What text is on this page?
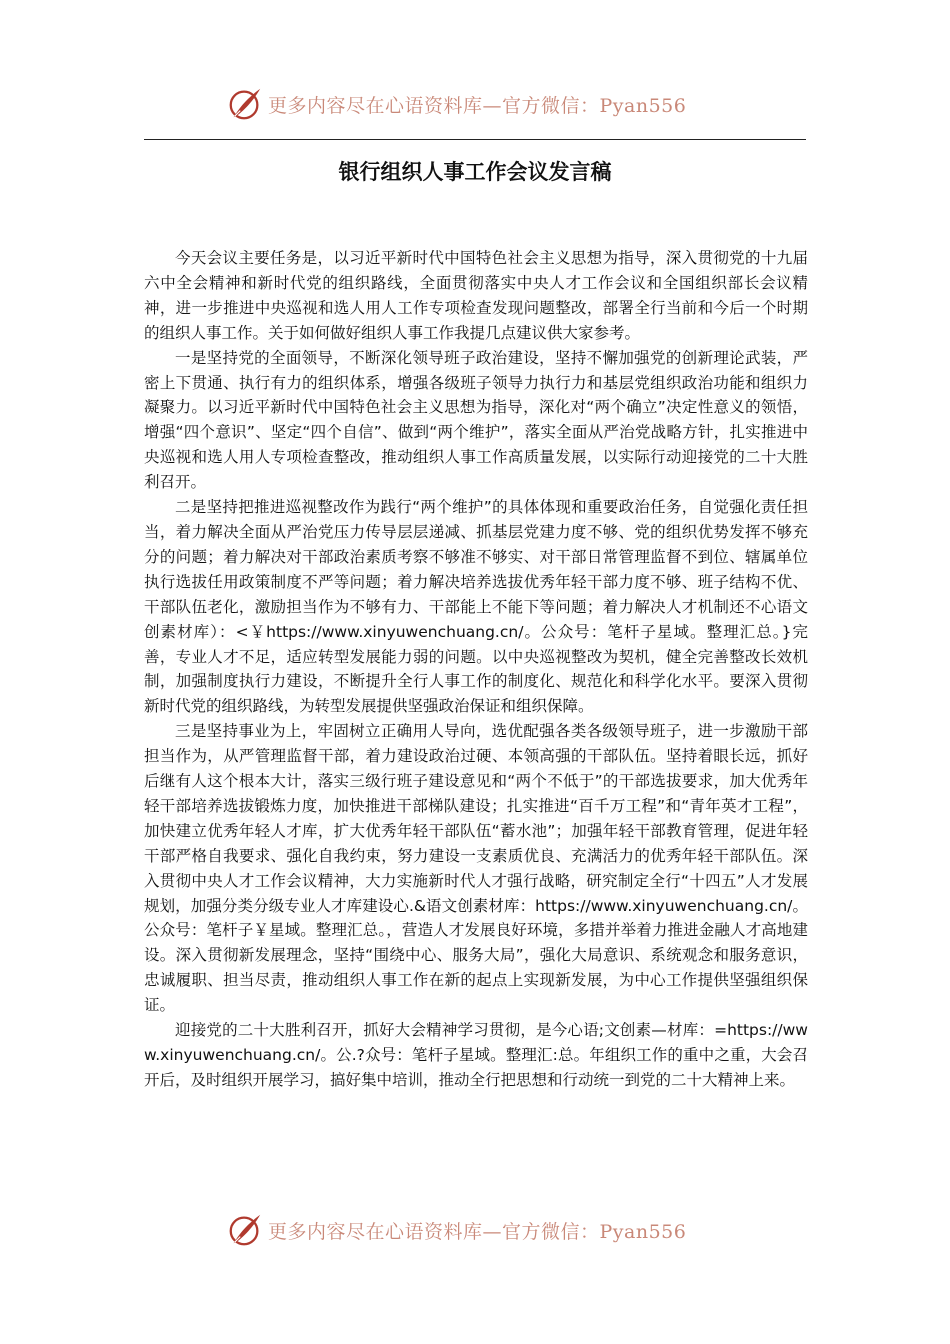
更多内容尽在心语资料库—官方微信：Pyan556
银行组织人事工作会议发言稿

今天会议主要任务是，以习近平新时代中国特色社会主义思想为指导，深入贯彻党的十九届六中全会精神和新时代党的组织路线，全面贯彻落实中央人才工作会议和全国组织部长会议精神，进一步推进中央巡视和选人用人工作专项检查发现问题整改，部署全行当前和今后一个时期的组织人事工作。关于如何做好组织人事工作我提几点建议供大家参考。

一是坚持党的全面领导，不断深化领导班子政治建设，坚持不懈加强党的创新理论武装，严密上下贯通、执行有力的组织体系，增强各级班子领导力执行力和基层党组织政治功能和组织力凝聚力。以习近平新时代中国特色社会主义思想为指导，深化对“两个确立”决定性意义的领悟，增强“四个意识”、坚定“四个自信”、做到“两个维护”，落实全面从严治党战略方针，扎实推进中央巡视和选人用人专项检查整改，推动组织人事工作高质量发展，以实际行动迎接党的二十大胜利召开。

二是坚持把推进巡视整改作为践行“两个维护”的具体体现和重要政治任务，自觉强化责任担当，着力解决全面从严治党压力传导层层递减、抓基层党建力度不够、党的组织优势发挥不够充分的问题；着力解决对干部政治素质考察不够准不够实、对干部日常管理监督不到位、辖属单位执行选拔任用政策制度不严等问题；着力解决培养选拔优秀年轻干部力度不够、班子结构不优、干部队伍老化，激励担当作为不够有力、干部能上不能下等问题；着力解决人才机制还不心语文创素材库）：<￥https://www.xinyuwenchuang.cn/。公众号：笔杆子星域。整理汇总。}完善，专业人才不足，适应转型发展能力弱的问题。以中央巡视整改为契机，健全完善整改长效机制，加强制度执行力建设，不断提升全行人事工作的制度化、规范化和科学化水平。要深入贯彻新时代党的组织路线，为转型发展提供坚强政治保证和组织保障。

三是坚持事业为上，牢固树立正确用人导向，选优配强各类各级领导班子，进一步激励干部担当作为，从严管理监督干部，着力建设政治过硬、本领高强的干部队伍。坚持着眼长远，抓好后继有人这个根本大计，落实三级行班子建设意见和“两个不低于”的干部选拔要求，加大优秀年轻干部培养选拔锻炼力度，加快推进干部梯队建设；扎实推进“百千万工程”和“青年英才工程”，加快建立优秀年轻人才库，扩大优秀年轻干部队伍“蓄水池”；加强年轻干部教育管理，促进年轻干部严格自我要求、强化自我约束，努力建设一支素质优良、充满活力的优秀年轻干部队伍。深入贯彻中央人才工作会议精神，大力实施新时代人才强行战略，研究制定全行“十四五”人才发展规划，加强分类分级专业人才库建设心.&语文创素材库：https://www.xinyuwenchuang.cn/。公众号：笔杆子￥星域。整理汇总。，营造人才发展良好环境，多措并举着力推进金融人才高地建设。深入贯彻新发展理念，坚持“围绕中心、服务大局”，强化大局意识、系统观念和服务意识，忠诚履职、担当尽责，推动组织人事工作在新的起点上实现新发展，为中心工作提供坚强组织保证。

迎接党的二十大胜利召开，抓好大会精神学习贯彻，是今心语;文创素—材库：=https://www.xinyuwenchuang.cn/。公.?众号：笔杆子星域。整理汇:总。年组织工作的重中之重，大会召开后，及时组织开展学习，搞好集中培训，推动全行把思想和行动统一到党的二十大精神上来。

更多内容尽在心语资料库—官方微信：Pyan556
